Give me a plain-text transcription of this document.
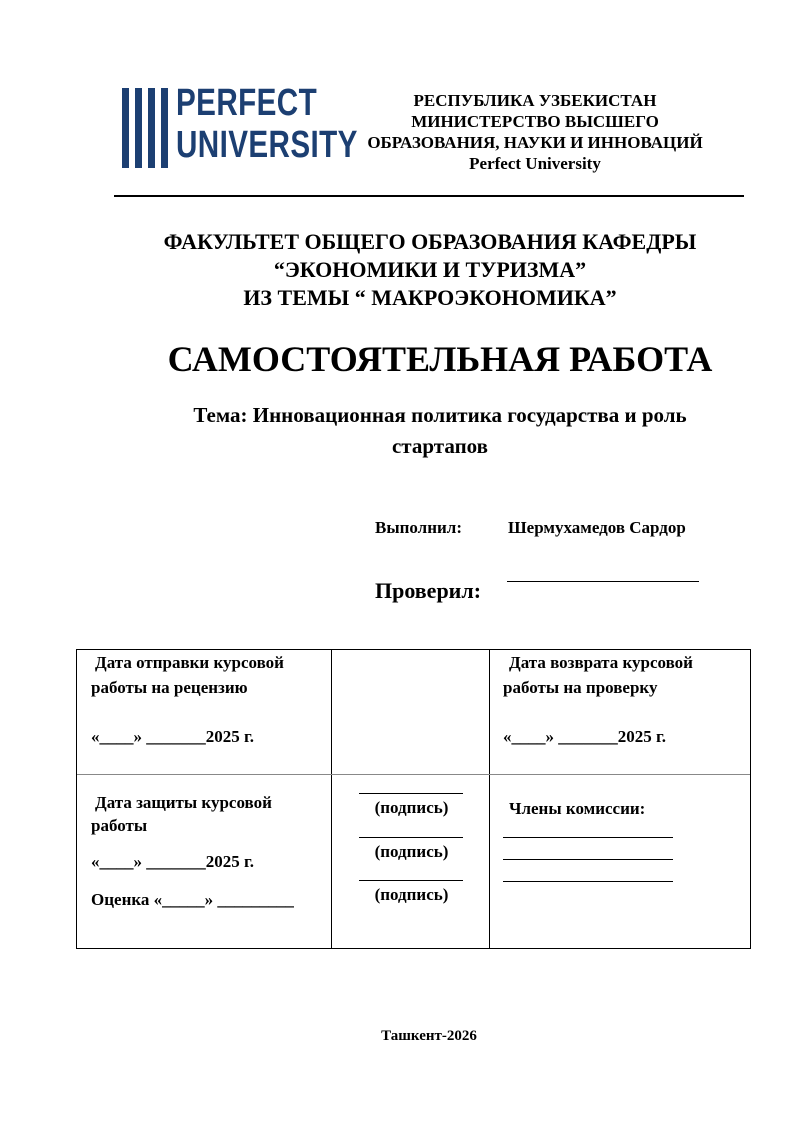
PERFECT
UNIVERSITY
РЕСПУБЛИКА УЗБЕКИСТАН
МИНИСТЕРСТВО ВЫСШЕГО
ОБРАЗОВАНИЯ, НАУКИ И ИННОВАЦИЙ
Perfect University
ФАКУЛЬТЕТ ОБЩЕГО ОБРАЗОВАНИЯ КАФЕДРЫ
“ЭКОНОМИКИ И ТУРИЗМА”
ИЗ ТЕМЫ “ МАКРОЭКОНОМИКА”
САМОСТОЯТЕЛЬНАЯ РАБОТА
Тема: Инновационная политика государства и роль
стартапов
Выполнил:	Шермухамедов Сардор
Проверил:
Дата отправки курсовой
работы на рецензию
«____» _______2025 г.
Дата возврата курсовой
работы на проверку
«____» _______2025 г.
Дата защиты курсовой
работы
«____» _______2025 г.
Оценка «_____» _________
(подпись)
(подпись)
(подпись)
Члены комиссии:
Ташкент-2026
